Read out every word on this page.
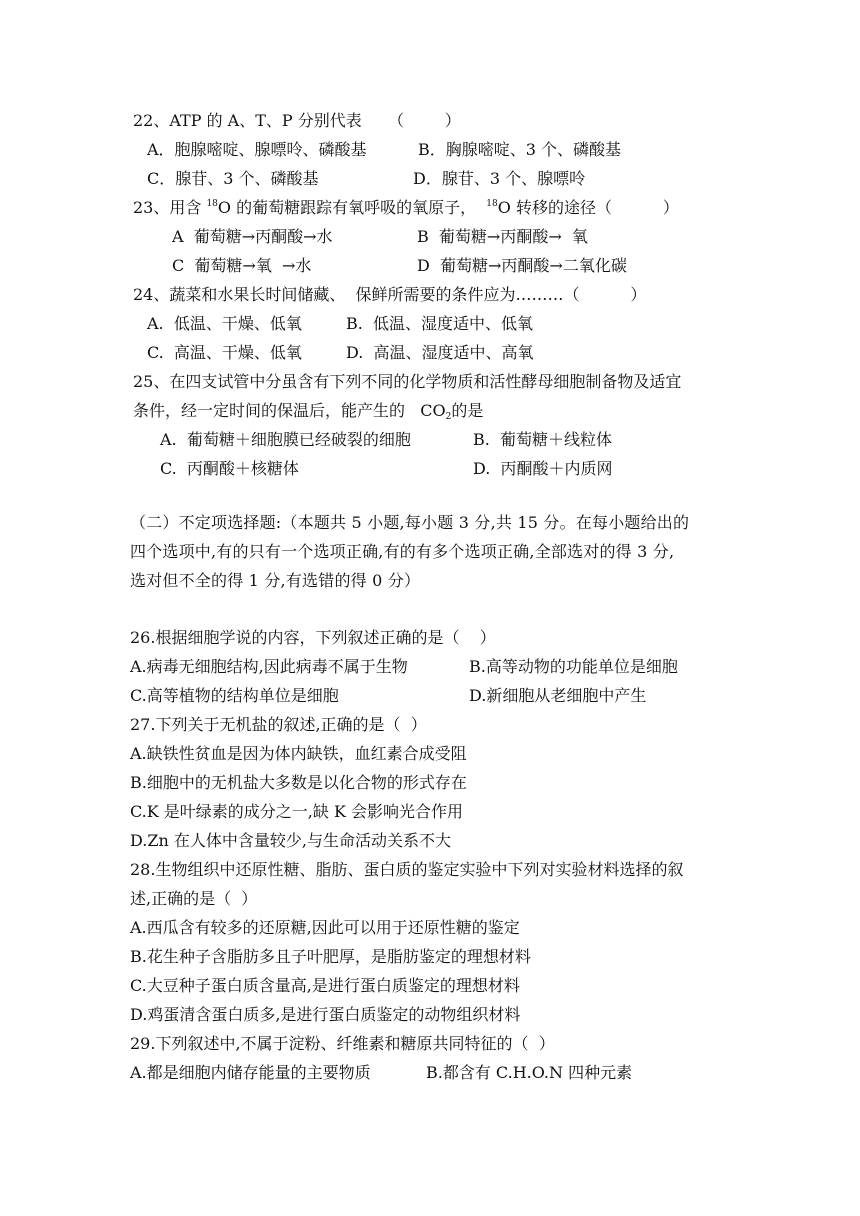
22、ATP 的 A、T、P 分别代表 （        ）
A．胞腺嘧啶、腺嘌呤、磷酸基	B．胸腺嘧啶、3 个、磷酸基
C．腺苷、3 个、磷酸基	D．腺苷、3 个、腺嘌呤
23、用含 $^{18}$O 的葡萄糖跟踪有氧呼吸的氧原子，  $^{18}$O 转移的途径（          ）
A  葡萄糖→丙酮酸→水	B  葡萄糖→丙酮酸→  氧
C  葡萄糖→氧  →水	D  葡萄糖→丙酮酸→二氧化碳
24、蔬菜和水果长时间储藏、  保鲜所需要的条件应为………（          ）
A.  低温、干燥、低氧	B.  低温、湿度适中、低氧
C.  高温、干燥、低氧	D.  高温、湿度适中、高氧
25、在四支试管中分虽含有下列不同的化学物质和活性酵母细胞制备物及适宜
条件，经一定时间的保温后，能产生的   $CO_2$的是
A.  葡萄糖＋细胞膜已经破裂的细胞	B.  葡萄糖＋线粒体
C.  丙酮酸＋核糖体	D.  丙酮酸＋内质网
（二）不定项选择题:（本题共 5 小题,每小题 3 分,共 15 分。在每小题给出的
四个选项中,有的只有一个选项正确,有的有多个选项正确,全部选对的得 3 分,
选对但不全的得 1 分,有选错的得 0 分）
26.根据细胞学说的内容，下列叙述正确的是（    ）
A.病毒无细胞结构,因此病毒不属于生物	B.高等动物的功能单位是细胞
C.高等植物的结构单位是细胞	D.新细胞从老细胞中产生
27.下列关于无机盐的叙述,正确的是（  ）
A.缺铁性贫血是因为体内缺铁，血红素合成受阻
B.细胞中的无机盐大多数是以化合物的形式存在
C.K 是叶绿素的成分之一,缺 K 会影响光合作用
D.Zn 在人体中含量较少,与生命活动关系不大
28.生物组织中还原性糖、脂肪、蛋白质的鉴定实验中下列对实验材料选择的叙
述,正确的是（  ）
A.西瓜含有较多的还原糖,因此可以用于还原性糖的鉴定
B.花生种子含脂肪多且子叶肥厚，是脂肪鉴定的理想材料
C.大豆种子蛋白质含量高,是进行蛋白质鉴定的理想材料
D.鸡蛋清含蛋白质多,是进行蛋白质鉴定的动物组织材料
29.下列叙述中,不属于淀粉、纤维素和糖原共同特征的（  ）
A.都是细胞内储存能量的主要物质	B.都含有 C.H.O.N 四种元素
